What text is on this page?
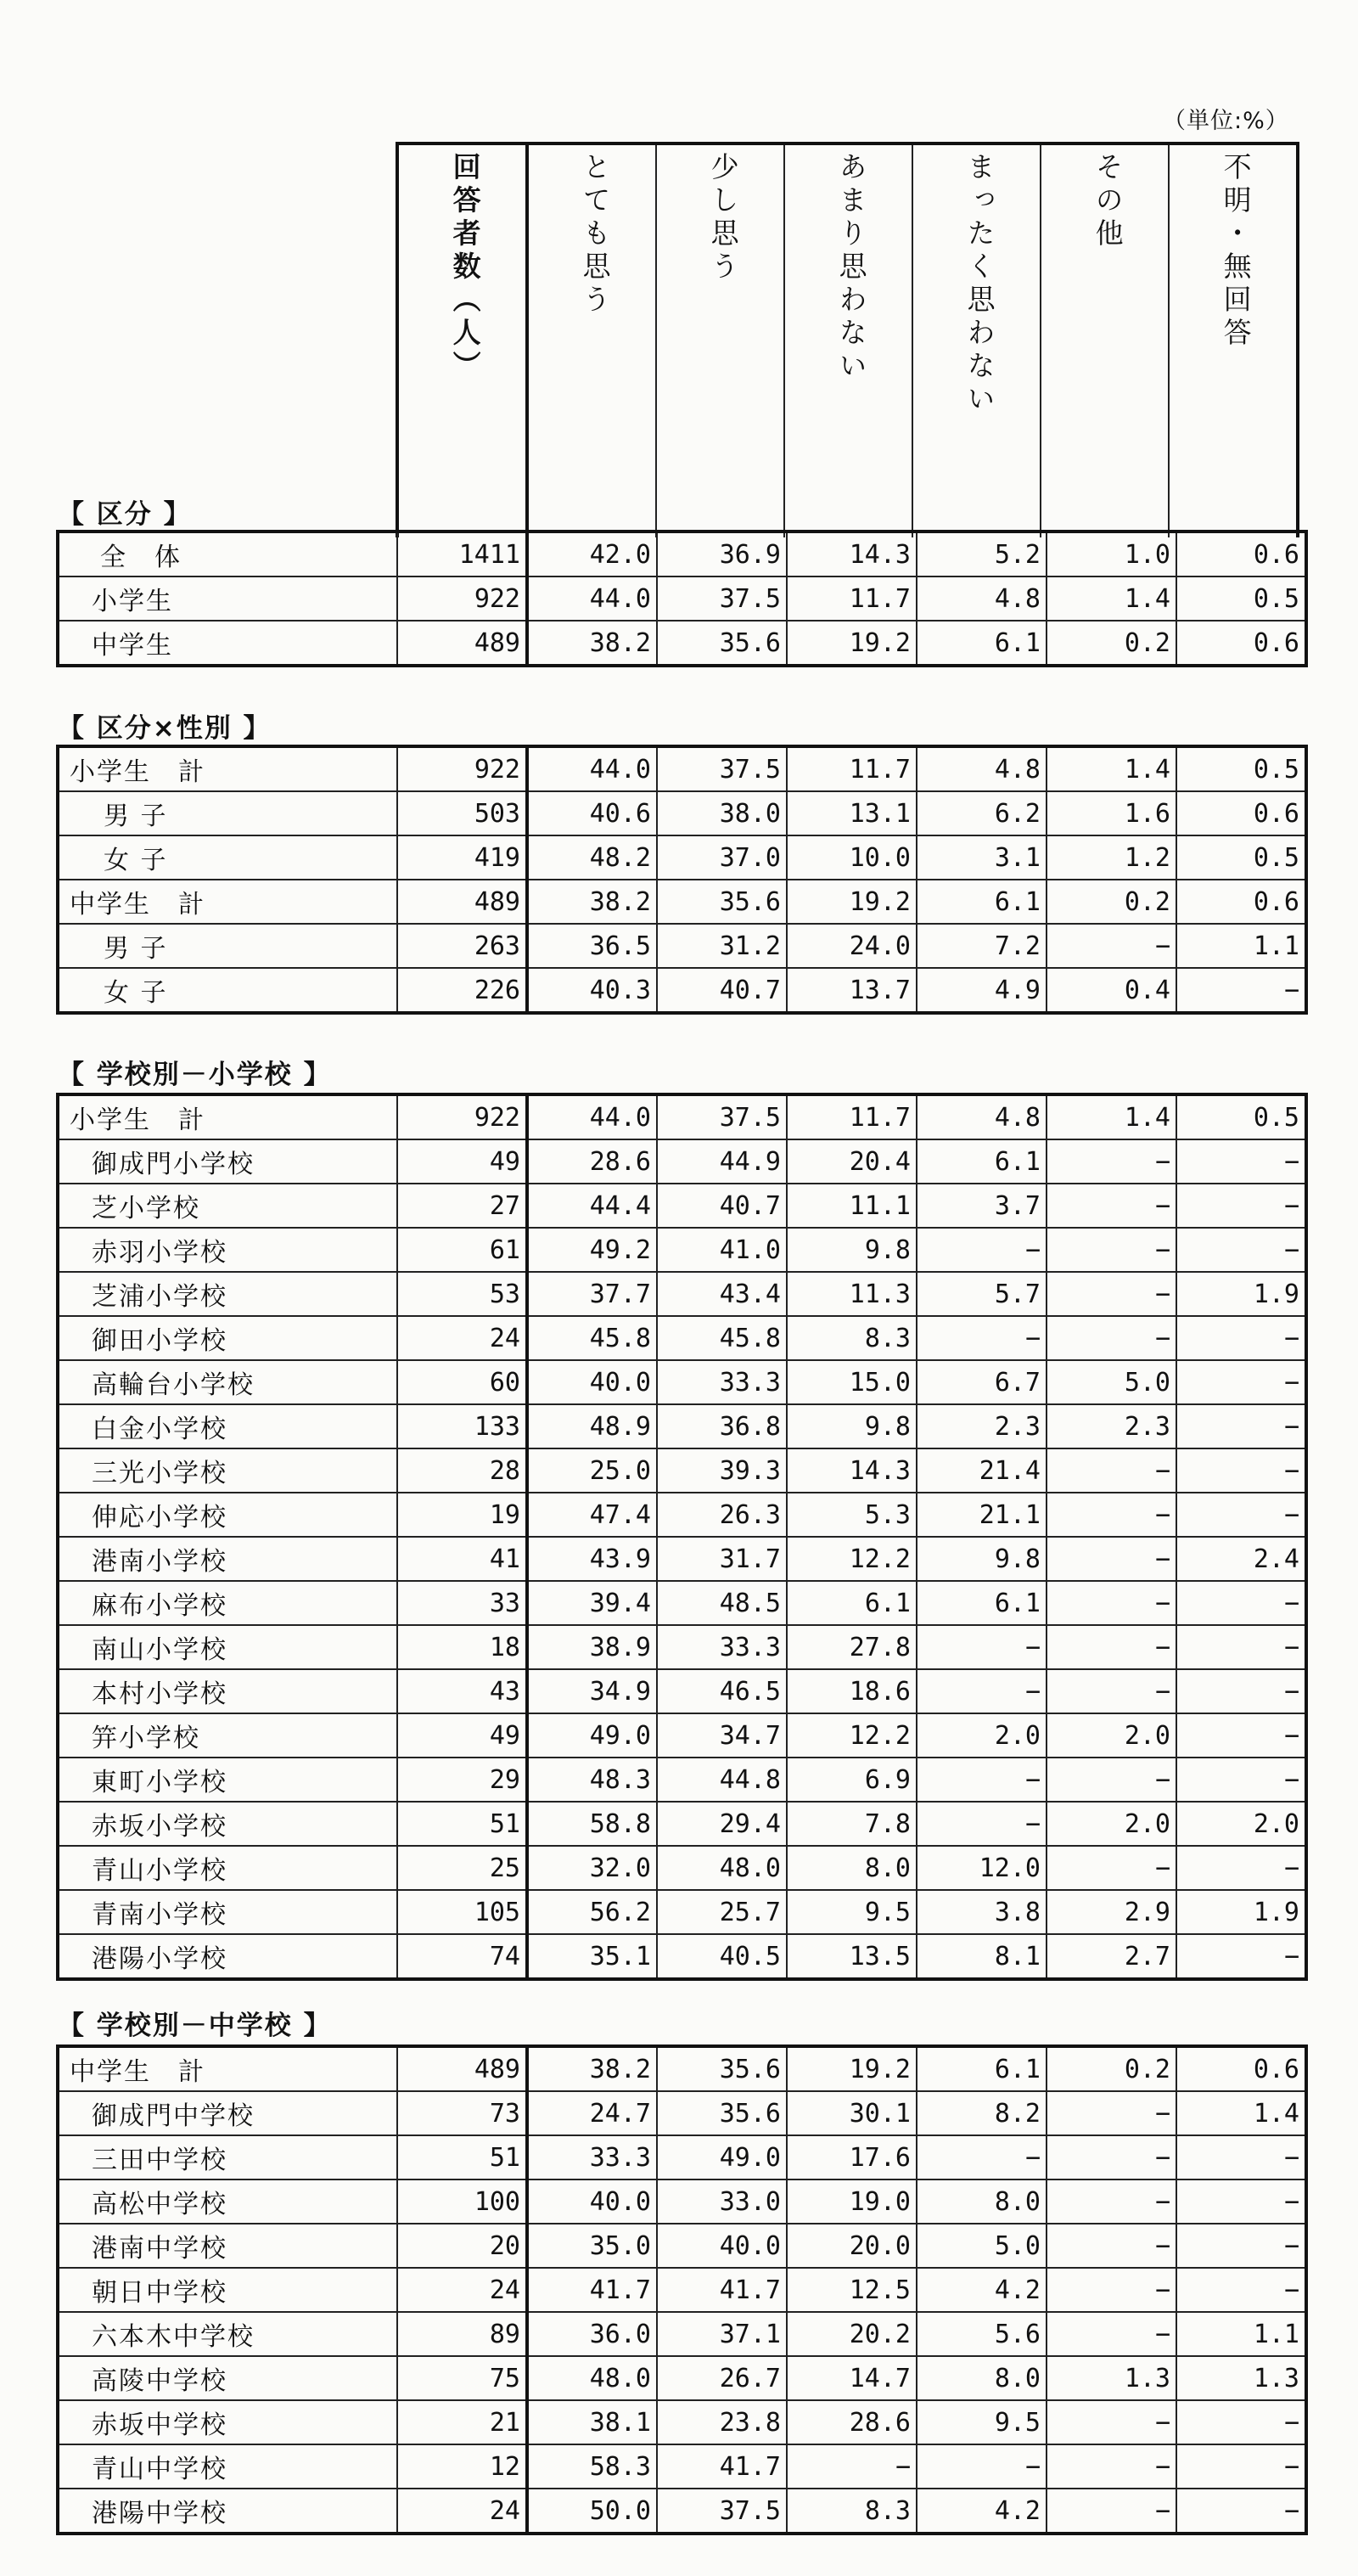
（単位:%）
回答者数（人）	とても思う	少し思う	あまり思わない	まったく思わない	その他	不明・無回答
【 区分 】
全　体	1411	42.0	36.9	14.3	5.2	1.0	0.6
小学生	922	44.0	37.5	11.7	4.8	1.4	0.5
中学生	489	38.2	35.6	19.2	6.1	0.2	0.6
【 区分×性別 】
小学生　計	922	44.0	37.5	11.7	4.8	1.4	0.5
男 子	503	40.6	38.0	13.1	6.2	1.6	0.6
女 子	419	48.2	37.0	10.0	3.1	1.2	0.5
中学生　計	489	38.2	35.6	19.2	6.1	0.2	0.6
男 子	263	36.5	31.2	24.0	7.2	−	1.1
女 子	226	40.3	40.7	13.7	4.9	0.4	−
【 学校別－小学校 】
小学生　計	922	44.0	37.5	11.7	4.8	1.4	0.5
御成門小学校	49	28.6	44.9	20.4	6.1	−	−
芝小学校	27	44.4	40.7	11.1	3.7	−	−
赤羽小学校	61	49.2	41.0	9.8	−	−	−
芝浦小学校	53	37.7	43.4	11.3	5.7	−	1.9
御田小学校	24	45.8	45.8	8.3	−	−	−
高輪台小学校	60	40.0	33.3	15.0	6.7	5.0	−
白金小学校	133	48.9	36.8	9.8	2.3	2.3	−
三光小学校	28	25.0	39.3	14.3	21.4	−	−
伸応小学校	19	47.4	26.3	5.3	21.1	−	−
港南小学校	41	43.9	31.7	12.2	9.8	−	2.4
麻布小学校	33	39.4	48.5	6.1	6.1	−	−
南山小学校	18	38.9	33.3	27.8	−	−	−
本村小学校	43	34.9	46.5	18.6	−	−	−
笄小学校	49	49.0	34.7	12.2	2.0	2.0	−
東町小学校	29	48.3	44.8	6.9	−	−	−
赤坂小学校	51	58.8	29.4	7.8	−	2.0	2.0
青山小学校	25	32.0	48.0	8.0	12.0	−	−
青南小学校	105	56.2	25.7	9.5	3.8	2.9	1.9
港陽小学校	74	35.1	40.5	13.5	8.1	2.7	−
【 学校別－中学校 】
中学生　計	489	38.2	35.6	19.2	6.1	0.2	0.6
御成門中学校	73	24.7	35.6	30.1	8.2	−	1.4
三田中学校	51	33.3	49.0	17.6	−	−	−
高松中学校	100	40.0	33.0	19.0	8.0	−	−
港南中学校	20	35.0	40.0	20.0	5.0	−	−
朝日中学校	24	41.7	41.7	12.5	4.2	−	−
六本木中学校	89	36.0	37.1	20.2	5.6	−	1.1
高陵中学校	75	48.0	26.7	14.7	8.0	1.3	1.3
赤坂中学校	21	38.1	23.8	28.6	9.5	−	−
青山中学校	12	58.3	41.7	−	−	−	−
港陽中学校	24	50.0	37.5	8.3	4.2	−	−
